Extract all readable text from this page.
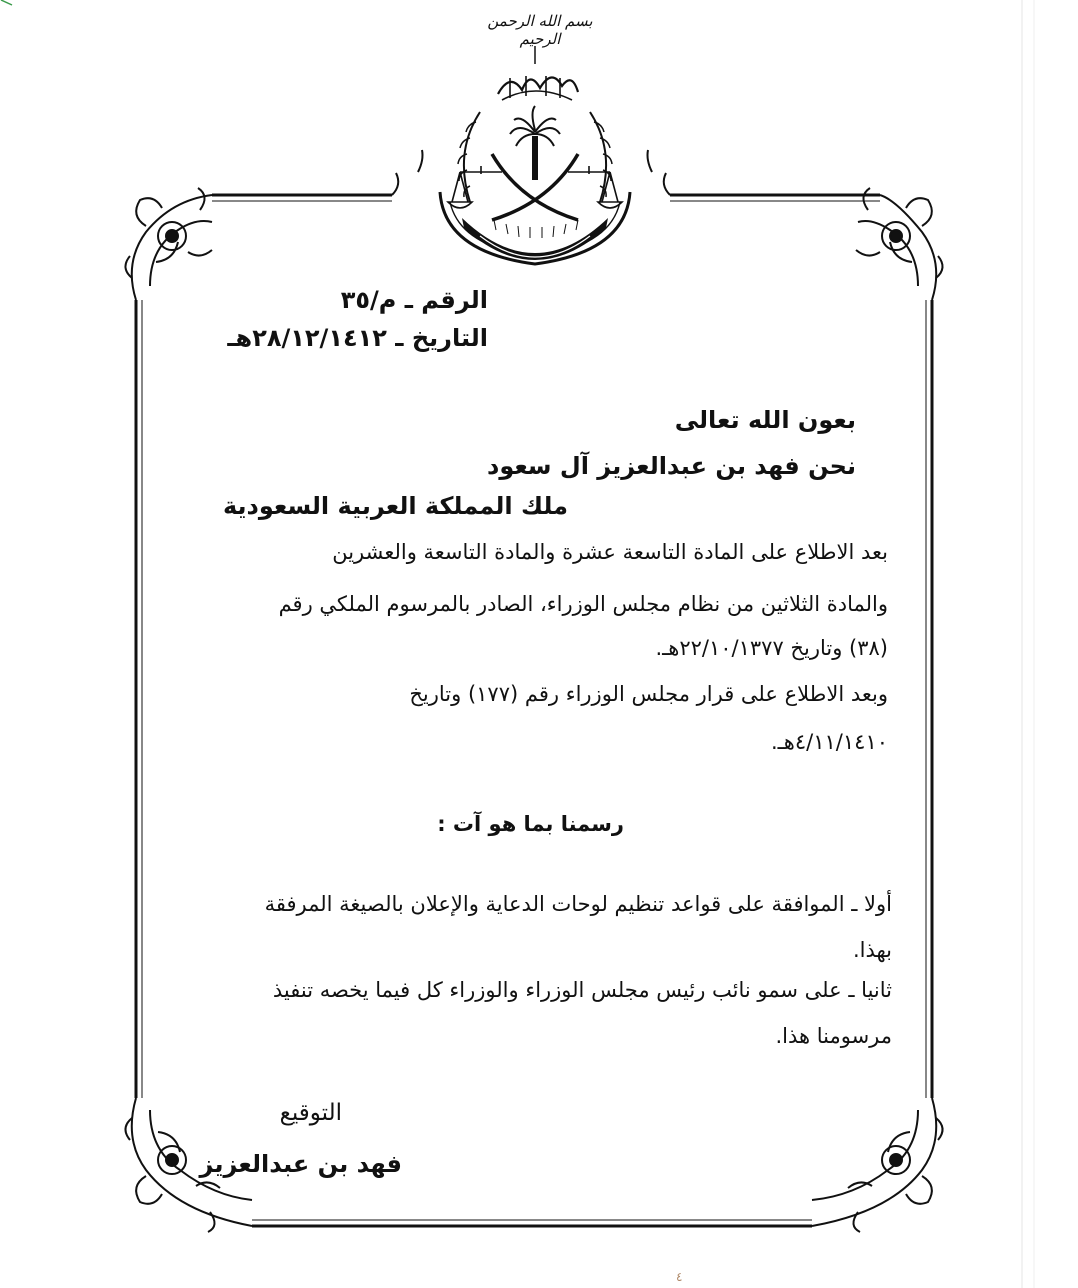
بسم الله الرحمن الرحيم
الرقم ـ م/٣٥
التاريخ ـ ٢٨/١٢/١٤١٢هـ
بعون الله تعالى
نحن فهد بن عبدالعزيز آل سعود
ملك المملكة العربية السعودية
بعد الاطلاع على المادة التاسعة عشرة والمادة التاسعة والعشرين
والمادة الثلاثين من نظام مجلس الوزراء، الصادر بالمرسوم الملكي رقم
(٣٨) وتاريخ ٢٢/١٠/١٣٧٧هـ.
وبعد الاطلاع على قرار مجلس الوزراء رقم (١٧٧) وتاريخ
٤/١١/١٤١٠هـ.
رسمنا بما هو آت :
أولا ـ الموافقة على قواعد تنظيم لوحات الدعاية والإعلان بالصيغة المرفقة
بهذا.
ثانيا ـ على سمو نائب رئيس مجلس الوزراء والوزراء كل فيما يخصه تنفيذ
مرسومنا هذا.
التوقيع
فهد بن عبدالعزيز
٤
